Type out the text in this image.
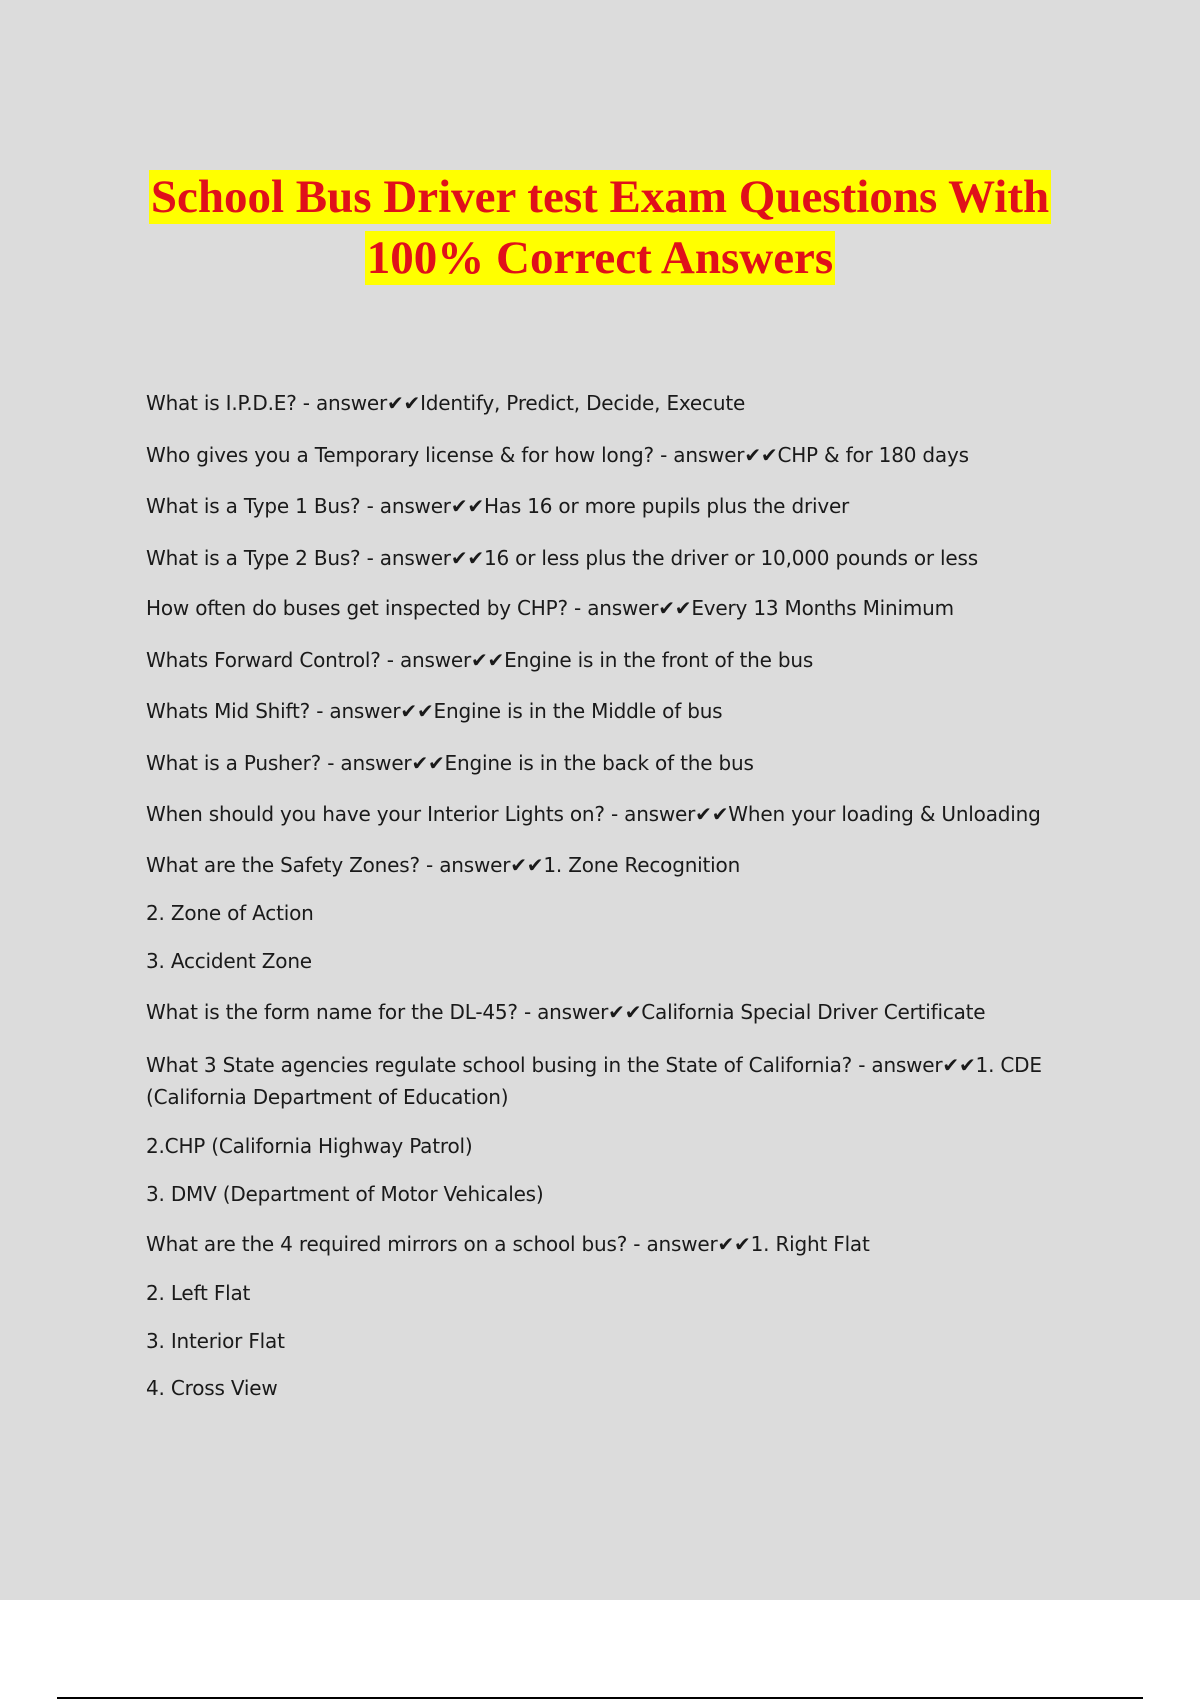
School Bus Driver test Exam Questions With
100% Correct Answers
What is I.P.D.E? - answer✔✔Identify, Predict, Decide, Execute
Who gives you a Temporary license & for how long? - answer✔✔CHP & for 180 days
What is a Type 1 Bus? - answer✔✔Has 16 or more pupils plus the driver
What is a Type 2 Bus? - answer✔✔16 or less plus the driver or 10,000 pounds or less
How often do buses get inspected by CHP? - answer✔✔Every 13 Months Minimum
Whats Forward Control? - answer✔✔Engine is in the front of the bus
Whats Mid Shift? - answer✔✔Engine is in the Middle of bus
What is a Pusher? - answer✔✔Engine is in the back of the bus
When should you have your Interior Lights on? - answer✔✔When your loading & Unloading
What are the Safety Zones? - answer✔✔1. Zone Recognition
2. Zone of Action
3. Accident Zone
What is the form name for the DL-45? - answer✔✔California Special Driver Certificate
What 3 State agencies regulate school busing in the State of California? - answer✔✔1. CDE
(California Department of Education)
2.CHP (California Highway Patrol)
3. DMV (Department of Motor Vehicales)
What are the 4 required mirrors on a school bus? - answer✔✔1. Right Flat
2. Left Flat
3. Interior Flat
4. Cross View
